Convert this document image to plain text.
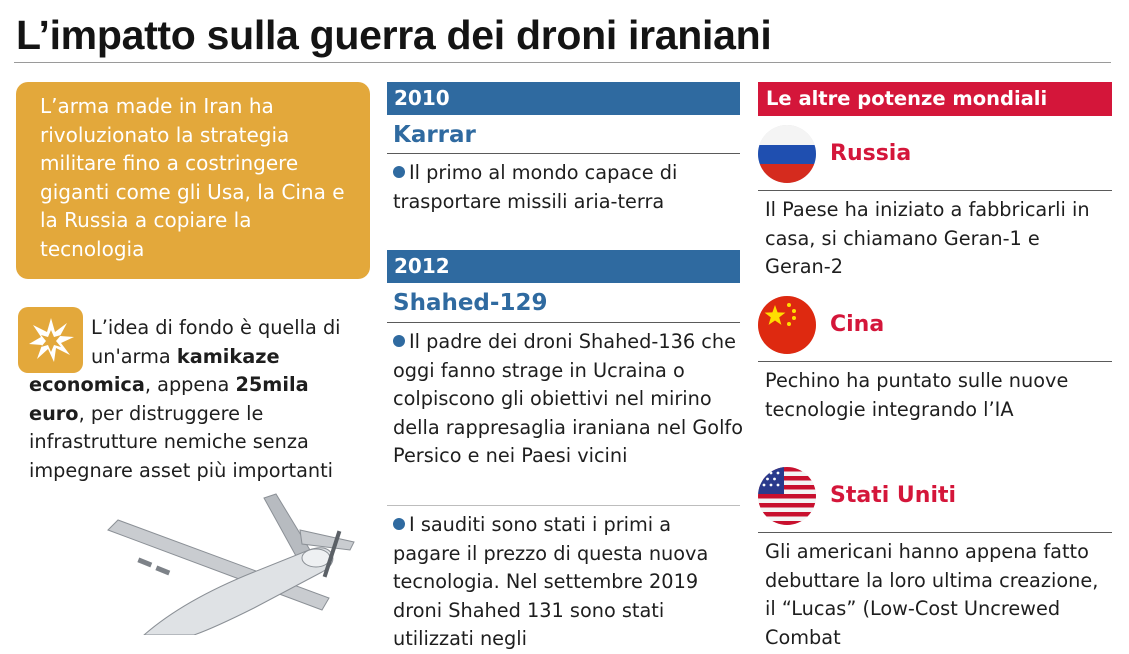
L’impatto sulla guerra dei droni iraniani
L’arma made in Iran ha rivoluzionato la strategia militare fino a costringere giganti come gli Usa, la Cina e la Russia a copiare la tecnologia

L’idea di fondo è quella di un'arma kamikaze economica, appena 25mila euro, per distruggere le infrastrutture nemiche senza impegnare asset più importanti

2010
Karrar

Il primo al mondo capace di trasportare missili aria-terra

2012
Shahed-129

Il padre dei droni Shahed-136 che oggi fanno strage in Ucraina o colpiscono gli obiettivi nel mirino della rappresaglia iraniana nel Golfo Persico e nei Paesi vicini

I sauditi sono stati i primi a pagare il prezzo di questa nuova tecnologia. Nel settembre 2019 droni Shahed 131 sono stati utilizzati negli

Le altre potenze mondiali
Russia

Il Paese ha iniziato a fabbricarli in casa, si chiamano Geran-1 e Geran-2

Cina

Pechino ha puntato sulle nuove tecnologie integrando l’IA

Stati Uniti

Gli americani hanno appena fatto debuttare la loro ultima creazione, il “Lucas” (Low-Cost Uncrewed Combat
